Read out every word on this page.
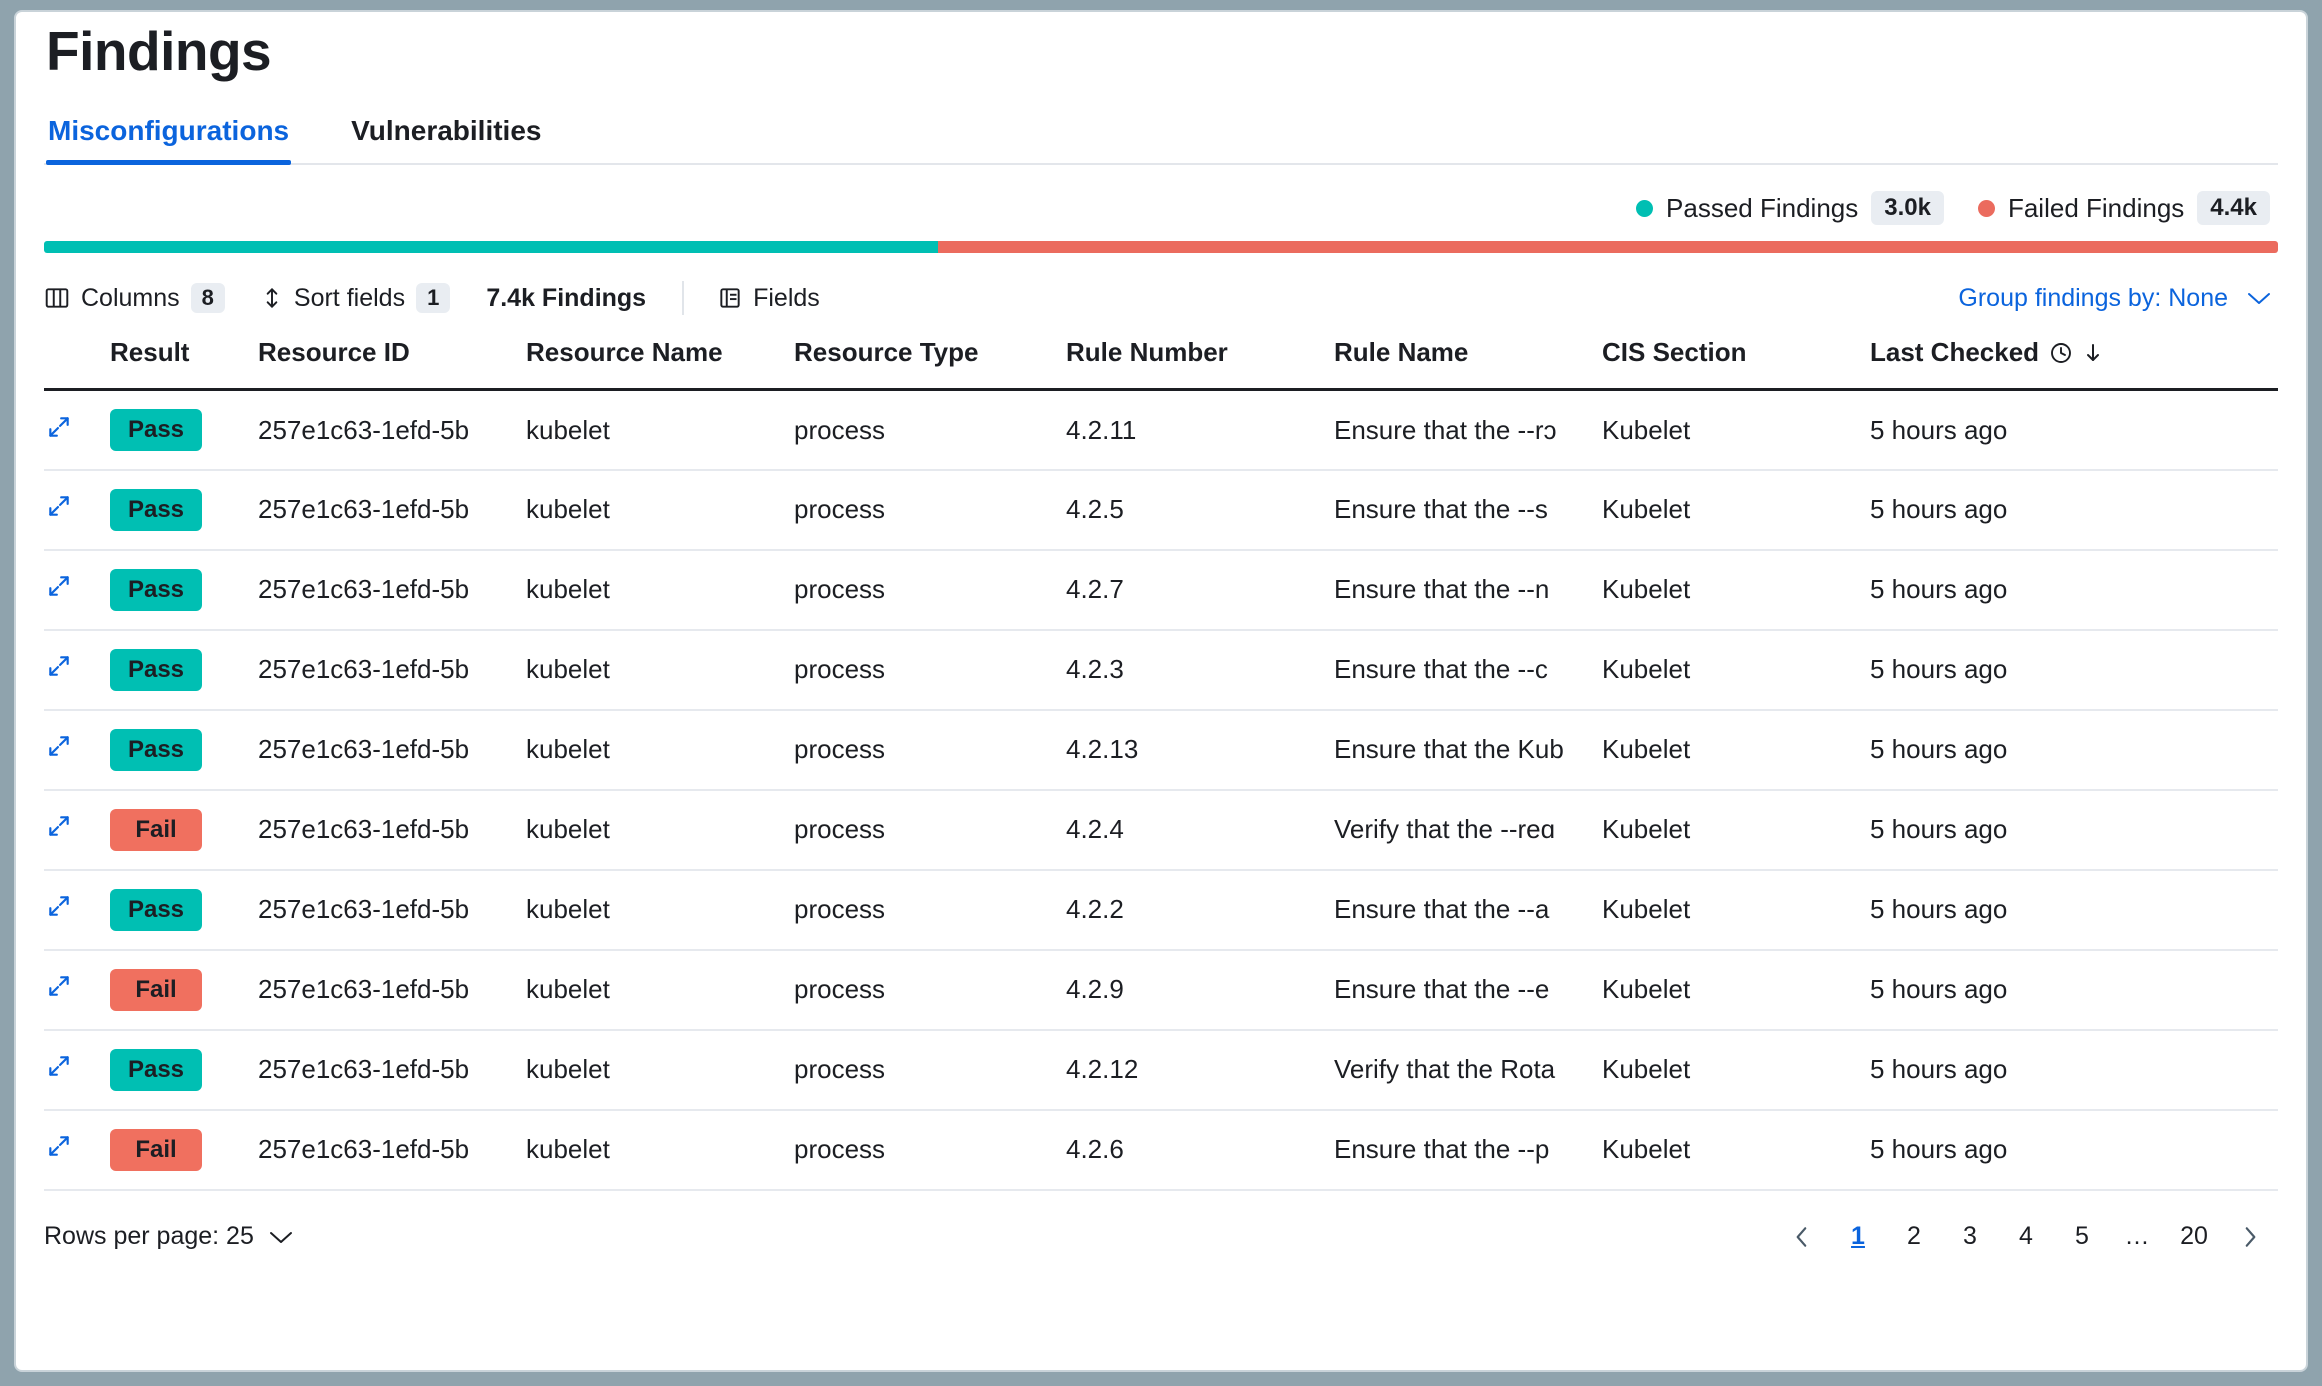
Findings
Misconfigurations Vulnerabilities
Passed Findings	3.0k	Failed Findings	4.4k
Columns	8	Sort fields	1	7.4k Findings	Fields	Group findings by: None
	Result	Resource ID	Resource Name	Resource Type	Rule Number	Rule Name	CIS Section	Last Checked

	Pass	257e1c63-1efd-5b	kubelet	process	4.2.11	Ensure that the --rɔ	Kubelet	5 hours ago

	Pass	257e1c63-1efd-5b	kubelet	process	4.2.5	Ensure that the --s	Kubelet	5 hours ago

	Pass	257e1c63-1efd-5b	kubelet	process	4.2.7	Ensure that the --n	Kubelet	5 hours ago

	Pass	257e1c63-1efd-5b	kubelet	process	4.2.3	Ensure that the --c	Kubelet	5 hours ago

	Pass	257e1c63-1efd-5b	kubelet	process	4.2.13	Ensure that the Kub	Kubelet	5 hours ago

	Fail	257e1c63-1efd-5b	kubelet	process	4.2.4	Verify that the --reɑ	Kubelet	5 hours ago

	Pass	257e1c63-1efd-5b	kubelet	process	4.2.2	Ensure that the --a	Kubelet	5 hours ago

	Fail	257e1c63-1efd-5b	kubelet	process	4.2.9	Ensure that the --e	Kubelet	5 hours ago

	Pass	257e1c63-1efd-5b	kubelet	process	4.2.12	Verify that the Rota	Kubelet	5 hours ago

	Fail	257e1c63-1efd-5b	kubelet	process	4.2.6	Ensure that the --p	Kubelet	5 hours ago
Rows per page: 25	1	2	3	4	5	…	20
